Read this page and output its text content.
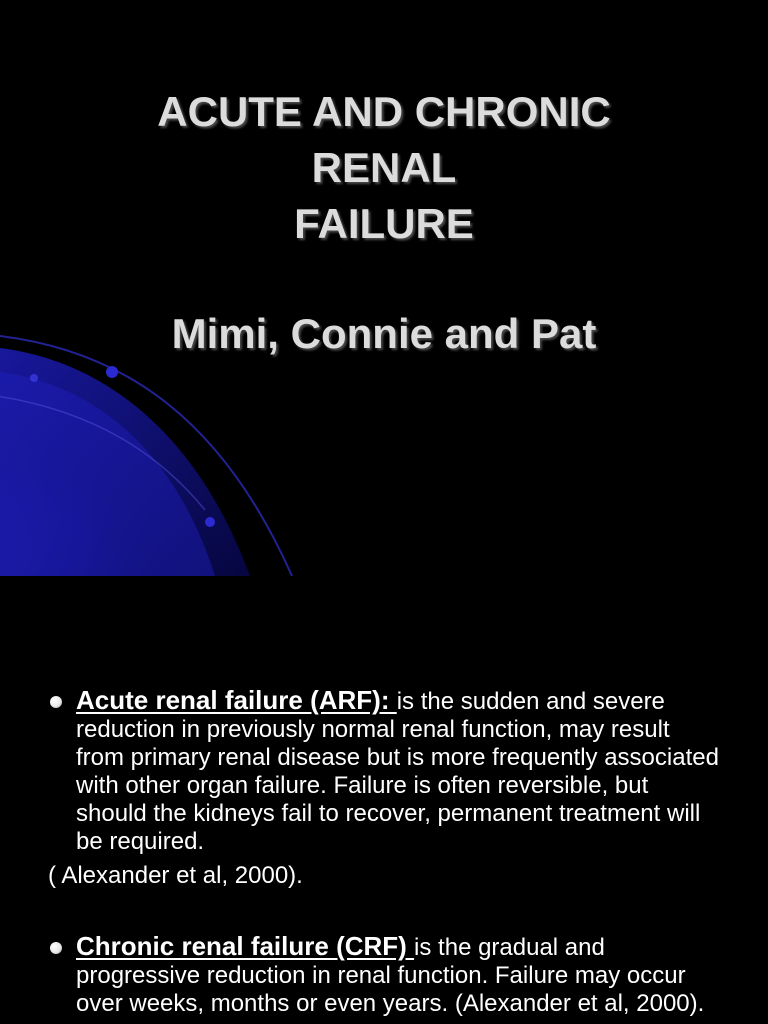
ACUTE AND CHRONIC
RENAL
FAILURE
Mimi, Connie and Pat
Acute renal failure (ARF): is the sudden and severe reduction in previously normal renal function, may result from primary renal disease but is more frequently associated with other organ failure. Failure is often reversible, but should the kidneys fail to recover, permanent treatment will be required.
( Alexander et al, 2000).
Chronic renal failure (CRF) is the gradual and progressive reduction in renal function. Failure may occur over weeks, months or even years. (Alexander et al, 2000).
